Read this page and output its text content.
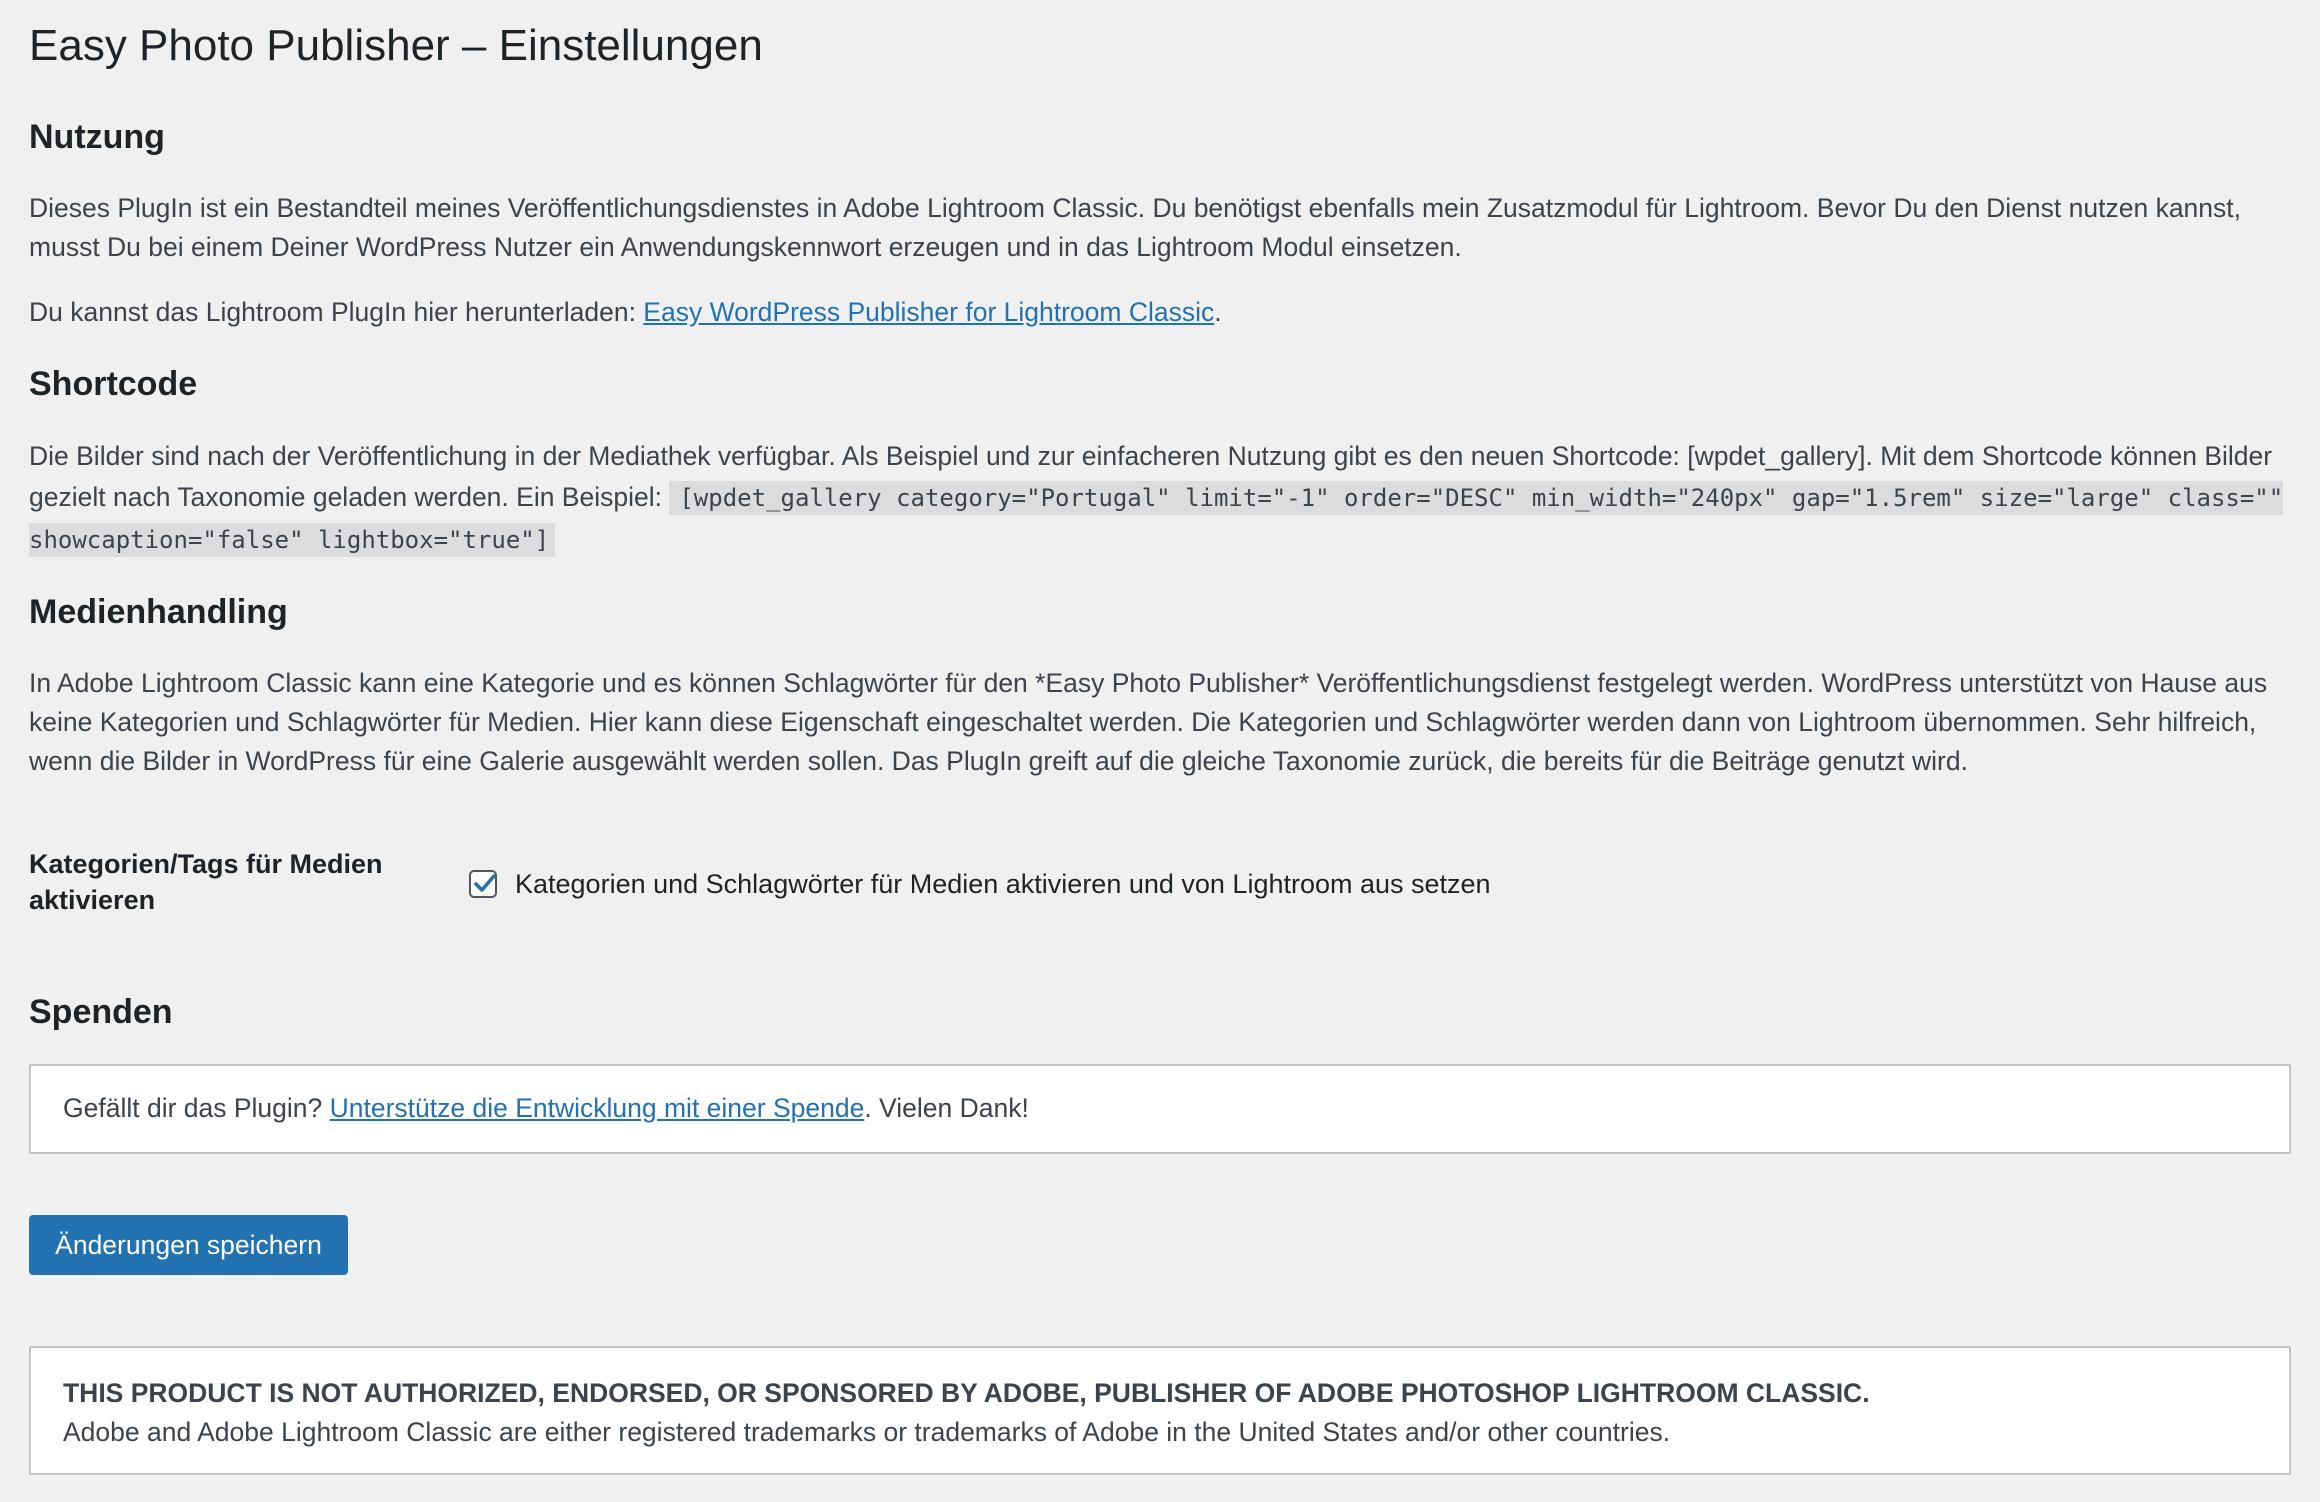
Easy Photo Publisher – Einstellungen
Nutzung

Dieses PlugIn ist ein Bestandteil meines Veröffentlichungsdienstes in Adobe Lightroom Classic. Du benötigst ebenfalls mein Zusatzmodul für Lightroom. Bevor Du den Dienst nutzen kannst, musst Du bei einem Deiner WordPress Nutzer ein Anwendungskennwort erzeugen und in das Lightroom Modul einsetzen.

Du kannst das Lightroom PlugIn hier herunterladen: Easy WordPress Publisher for Lightroom Classic.

Shortcode

Die Bilder sind nach der Veröffentlichung in der Mediathek verfügbar. Als Beispiel und zur einfacheren Nutzung gibt es den neuen Shortcode: [wpdet_gallery]. Mit dem Shortcode können Bilder gezielt nach Taxonomie geladen werden. Ein Beispiel: [wpdet_gallery category="Portugal" limit="-1" order="DESC" min_width="240px" gap="1.5rem" size="large" class="" showcaption="false" lightbox="true"]

Medienhandling

In Adobe Lightroom Classic kann eine Kategorie und es können Schlagwörter für den *Easy Photo Publisher* Veröffentlichungsdienst festgelegt werden. WordPress unterstützt von Hause aus keine Kategorien und Schlagwörter für Medien. Hier kann diese Eigenschaft eingeschaltet werden. Die Kategorien und Schlagwörter werden dann von Lightroom übernommen. Sehr hilfreich, wenn die Bilder in WordPress für eine Galerie ausgewählt werden sollen. Das PlugIn greift auf die gleiche Taxonomie zurück, die bereits für die Beiträge genutzt wird.

Kategorien/Tags für Medien aktivieren
Kategorien und Schlagwörter für Medien aktivieren und von Lightroom aus setzen
Spenden
Gefällt dir das Plugin? Unterstütze die Entwicklung mit einer Spende. Vielen Dank!
Änderungen speichern
THIS PRODUCT IS NOT AUTHORIZED, ENDORSED, OR SPONSORED BY ADOBE, PUBLISHER OF ADOBE PHOTOSHOP LIGHTROOM CLASSIC.
Adobe and Adobe Lightroom Classic are either registered trademarks or trademarks of Adobe in the United States and/or other countries.
